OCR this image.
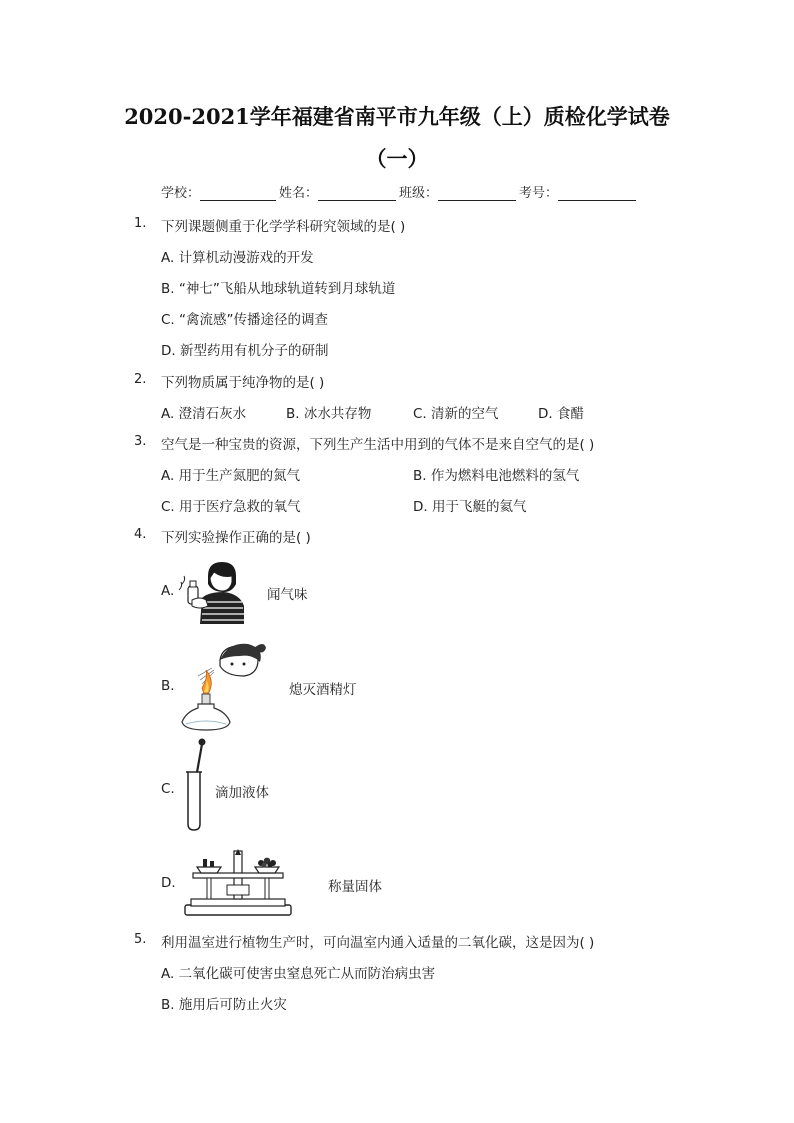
2020-2021学年福建省南平市九年级（上）质检化学试卷
（一）
学校：	姓名：	班级：	考号：
1. 下列课题侧重于化学学科研究领域的是( )
A. 计算机动漫游戏的开发
B. “神七”飞船从地球轨道转到月球轨道
C. “禽流感”传播途径的调查
D. 新型药用有机分子的研制
2. 下列物质属于纯净物的是( )
A. 澄清石灰水	B. 冰水共存物	C. 清新的空气	D. 食醋
3. 空气是一种宝贵的资源，下列生产生活中用到的气体不是来自空气的是( )
A. 用于生产氮肥的氮气	B. 作为燃料电池燃料的氢气
C. 用于医疗急救的氧气	D. 用于飞艇的氦气
4. 下列实验操作正确的是( )
A.	闻气味
B.	熄灭酒精灯
C.	滴加液体
D.	称量固体
5. 利用温室进行植物生产时，可向温室内通入适量的二氧化碳，这是因为( )
A. 二氧化碳可使害虫窒息死亡从而防治病虫害
B. 施用后可防止火灾
